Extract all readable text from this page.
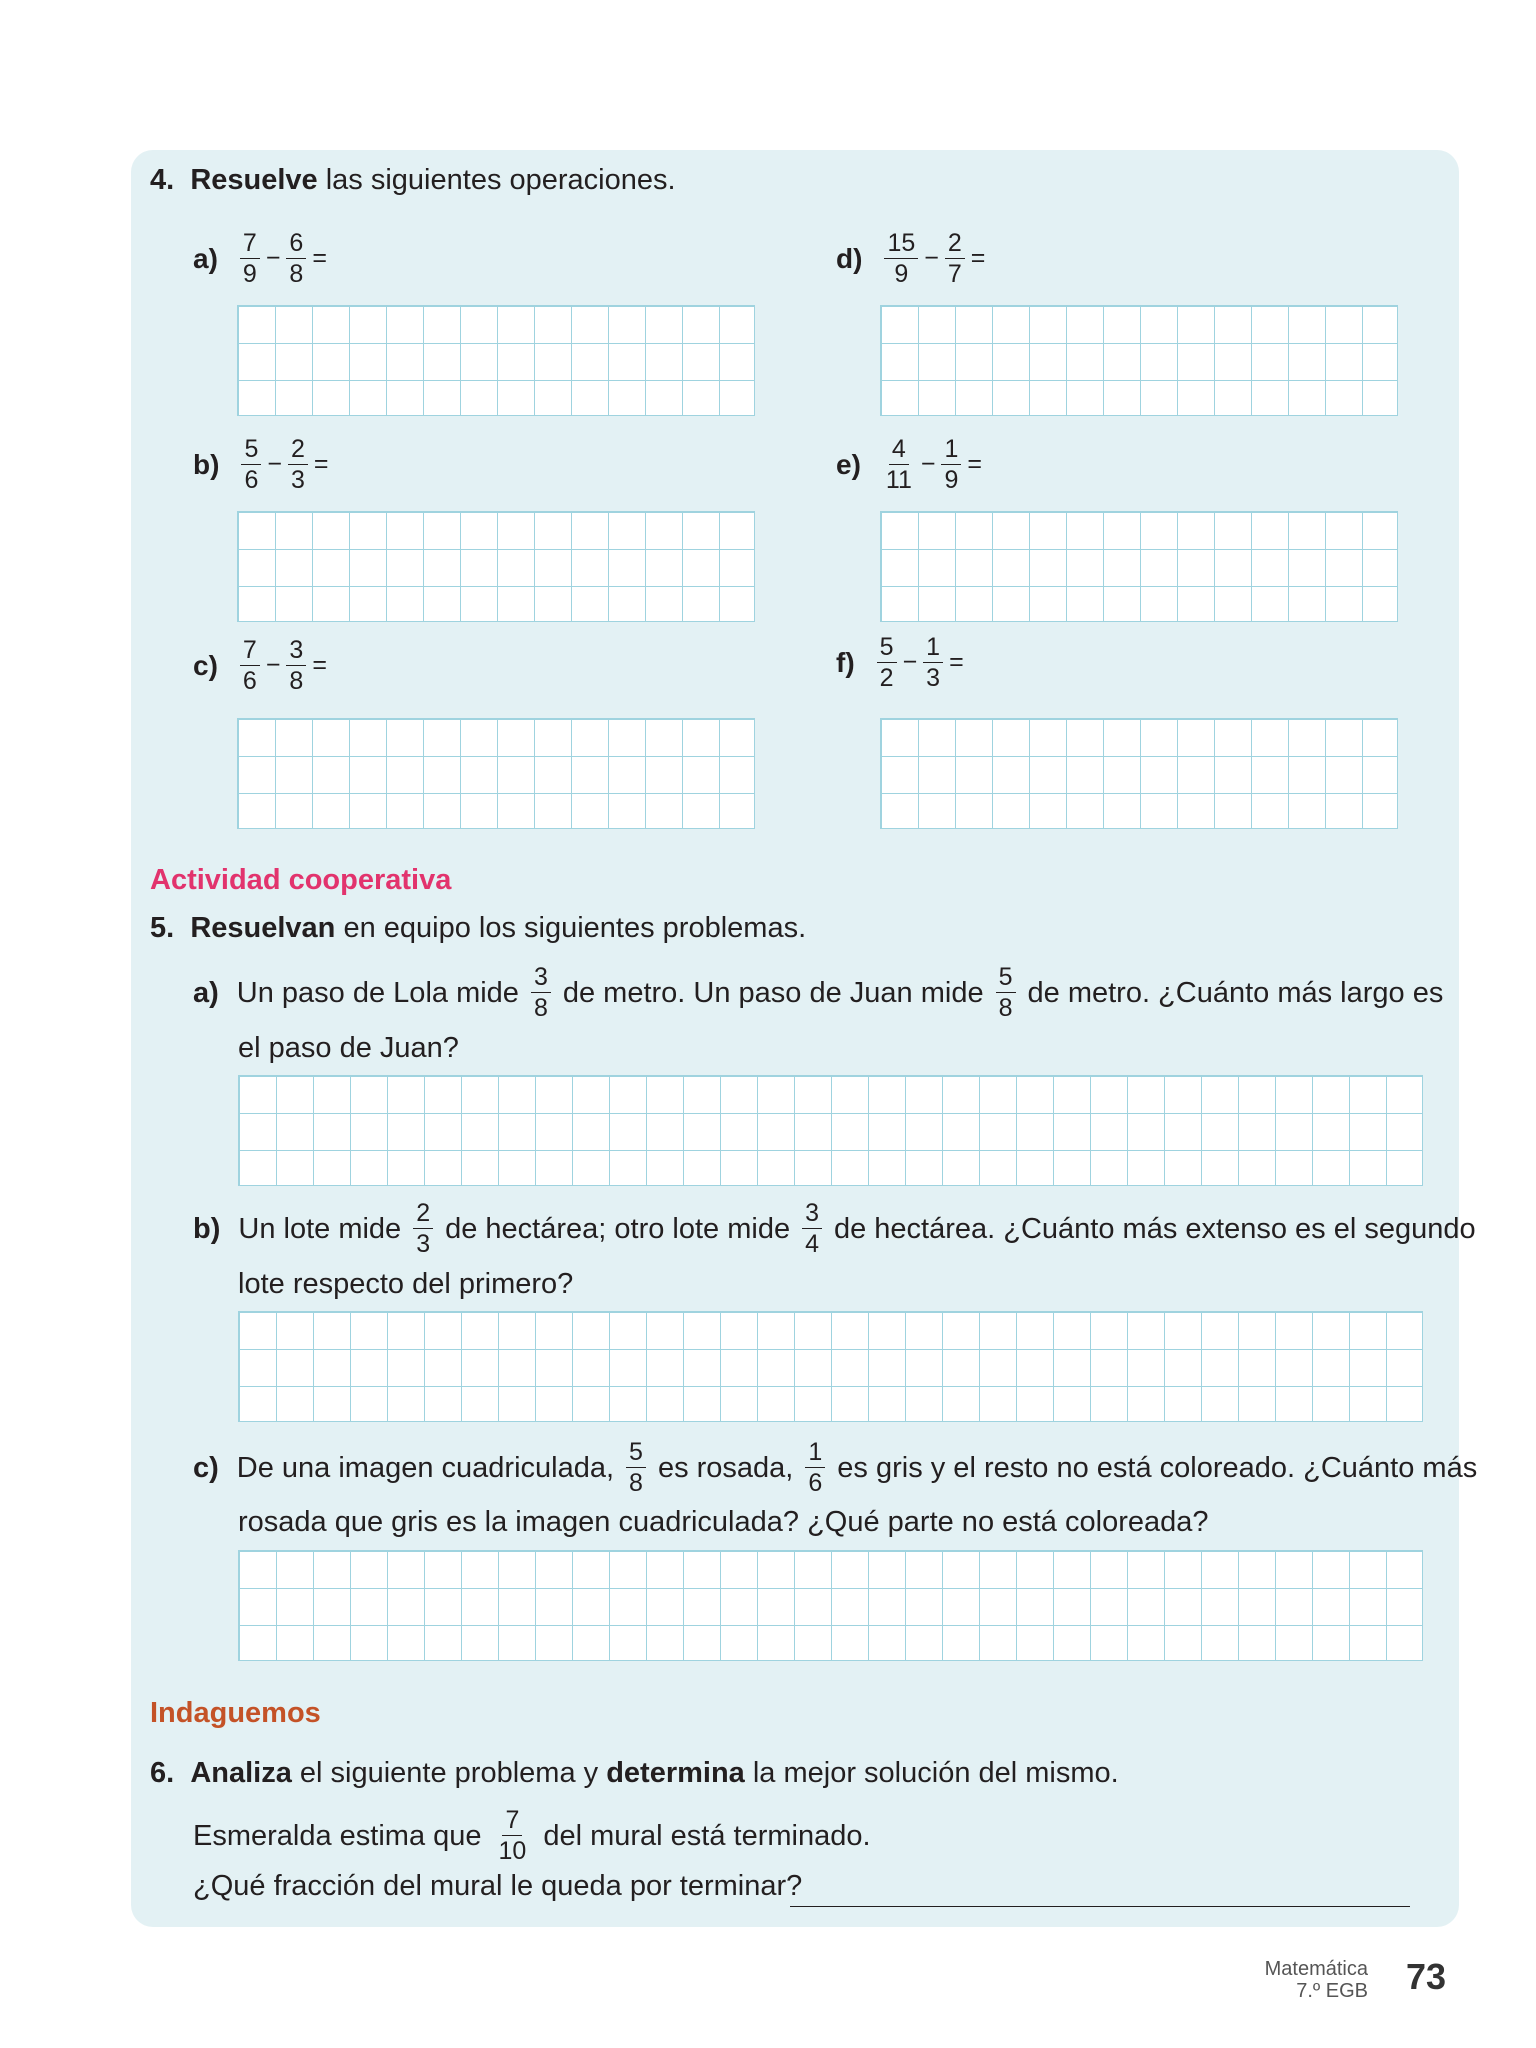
4. Resuelve las siguientes operaciones.
$a) \frac{7}{9} - \frac{6}{8}$ =
$b) \frac{5}{6} - \frac{2}{3}$ =
$c) \frac{7}{6} - \frac{3}{8}$ =
$d) \frac{15}{9} - \frac{2}{7}$ =
$e) \frac{4}{11} - \frac{1}{9}$ =
$f) \frac{5}{2} - \frac{1}{3}$ =
Actividad cooperativa
5. Resuelvan en equipo los siguientes problemas.
a) Un paso de Lola mide $\frac{3}{8}$ de metro. Un paso de Juan mide $\frac{5}{8}$ de metro. ¿Cuánto más largo es
el paso de Juan?
b) Un lote mide $\frac{2}{3}$ de hectárea; otro lote mide $\frac{3}{4}$ de hectárea. ¿Cuánto más extenso es el segundo
lote respecto del primero?
c) De una imagen cuadriculada, $\frac{5}{8}$ es rosada, $\frac{1}{6}$ es gris y el resto no está coloreado. ¿Cuánto más
rosada que gris es la imagen cuadriculada? ¿Qué parte no está coloreada?
Indaguemos
6. Analiza el siguiente problema y determina la mejor solución del mismo.
Esmeralda estima que $\frac{7}{10}$ del mural está terminado.
¿Qué fracción del mural le queda por terminar?
Matemática
7.º EGB 73
